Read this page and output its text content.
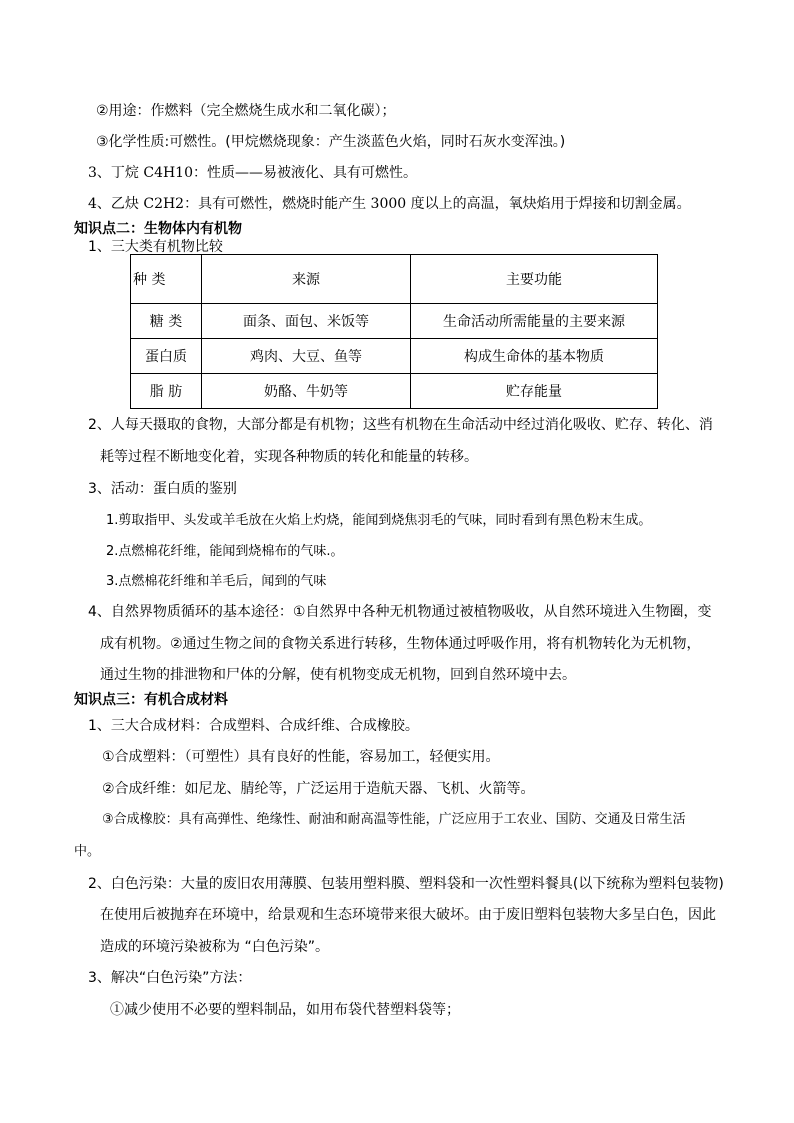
②用途：作燃料（完全燃烧生成水和二氧化碳）；
③化学性质:可燃性。(甲烷燃烧现象：产生淡蓝色火焰，同时石灰水变浑浊。)
3、丁烷 C4H10：性质——易被液化、具有可燃性。
4、乙炔 C2H2：具有可燃性，燃烧时能产生 3000 度以上的高温，氧炔焰用于焊接和切割金属。
知识点二：生物体内有机物
1、三大类有机物比较
种 类	来源	主要功能
糖 类	面条、面包、米饭等	生命活动所需能量的主要来源
蛋白质	鸡肉、大豆、鱼等	构成生命体的基本物质
脂 肪	奶酪、牛奶等	贮存能量
2、人每天摄取的食物，大部分都是有机物；这些有机物在生命活动中经过消化吸收、贮存、转化、消
耗等过程不断地变化着，实现各种物质的转化和能量的转移。
3、活动：蛋白质的鉴别
1.剪取指甲、头发或羊毛放在火焰上灼烧，能闻到烧焦羽毛的气味，同时看到有黑色粉末生成。
2.点燃棉花纤维，能闻到烧棉布的气味.。
3.点燃棉花纤维和羊毛后，闻到的气味
4、自然界物质循环的基本途径：①自然界中各种无机物通过被植物吸收，从自然环境进入生物圈，变
成有机物。②通过生物之间的食物关系进行转移，生物体通过呼吸作用，将有机物转化为无机物，
通过生物的排泄物和尸体的分解，使有机物变成无机物，回到自然环境中去。
知识点三：有机合成材料
1、三大合成材料：合成塑料、合成纤维、合成橡胶。
①合成塑料：（可塑性）具有良好的性能，容易加工，轻便实用。
②合成纤维：如尼龙、腈纶等，广泛运用于造航天器、飞机、火箭等。
③合成橡胶：具有高弹性、绝缘性、耐油和耐高温等性能，广泛应用于工农业、国防、交通及日常生活
中。
2、白色污染：大量的废旧农用薄膜、包装用塑料膜、塑料袋和一次性塑料餐具(以下统称为塑料包装物)
在使用后被抛弃在环境中，给景观和生态环境带来很大破坏。由于废旧塑料包装物大多呈白色，因此
造成的环境污染被称为 “白色污染”。
3、解决“白色污染”方法：
①减少使用不必要的塑料制品，如用布袋代替塑料袋等；
